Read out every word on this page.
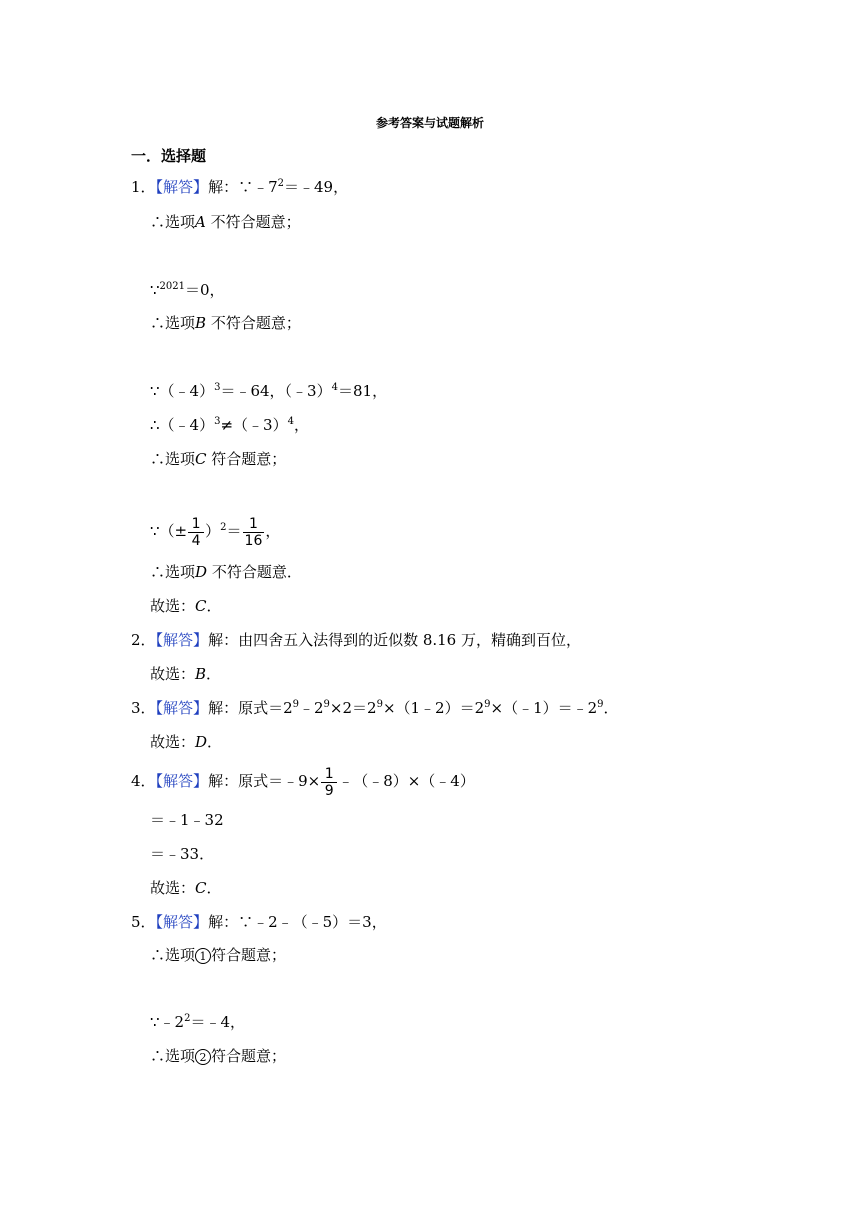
参考答案与试题解析
一．选择题
1．【解答】解：$\because﹣7^2=﹣49$，
∴选项A 不符合题意；
∵$^{2021}$＝0，
∴选项B 不符合题意；
∵（﹣4）$^3$＝﹣64，（﹣3）$^4$＝81，
∴（﹣4）$^3$≠（﹣3）$^4$，
∴选项C 符合题意；
∵（± $\frac{1}{4} )^2= \frac{1}{16}$ ，
∴选项D 不符合题意．
故选：C．
2．【解答】解：由四舍五入法得到的近似数 8.16 万，精确到百位，
故选：B．
3．【解答】解：原式$=2^9﹣2^9\times 2=2^9\times(1﹣2)=2^9\times(﹣1)=﹣2^9$．
故选：D．
4．【解答】解：原式＝﹣9× $\frac{1}{9}$ ﹣（﹣8）×（﹣4）
＝﹣1﹣32
＝﹣33．
故选：C．
5．【解答】解：∵﹣2﹣（﹣5）＝3，
∴选项 1 符合题意；
$\because﹣2^2=﹣4$，
∴选项 2 符合题意；
